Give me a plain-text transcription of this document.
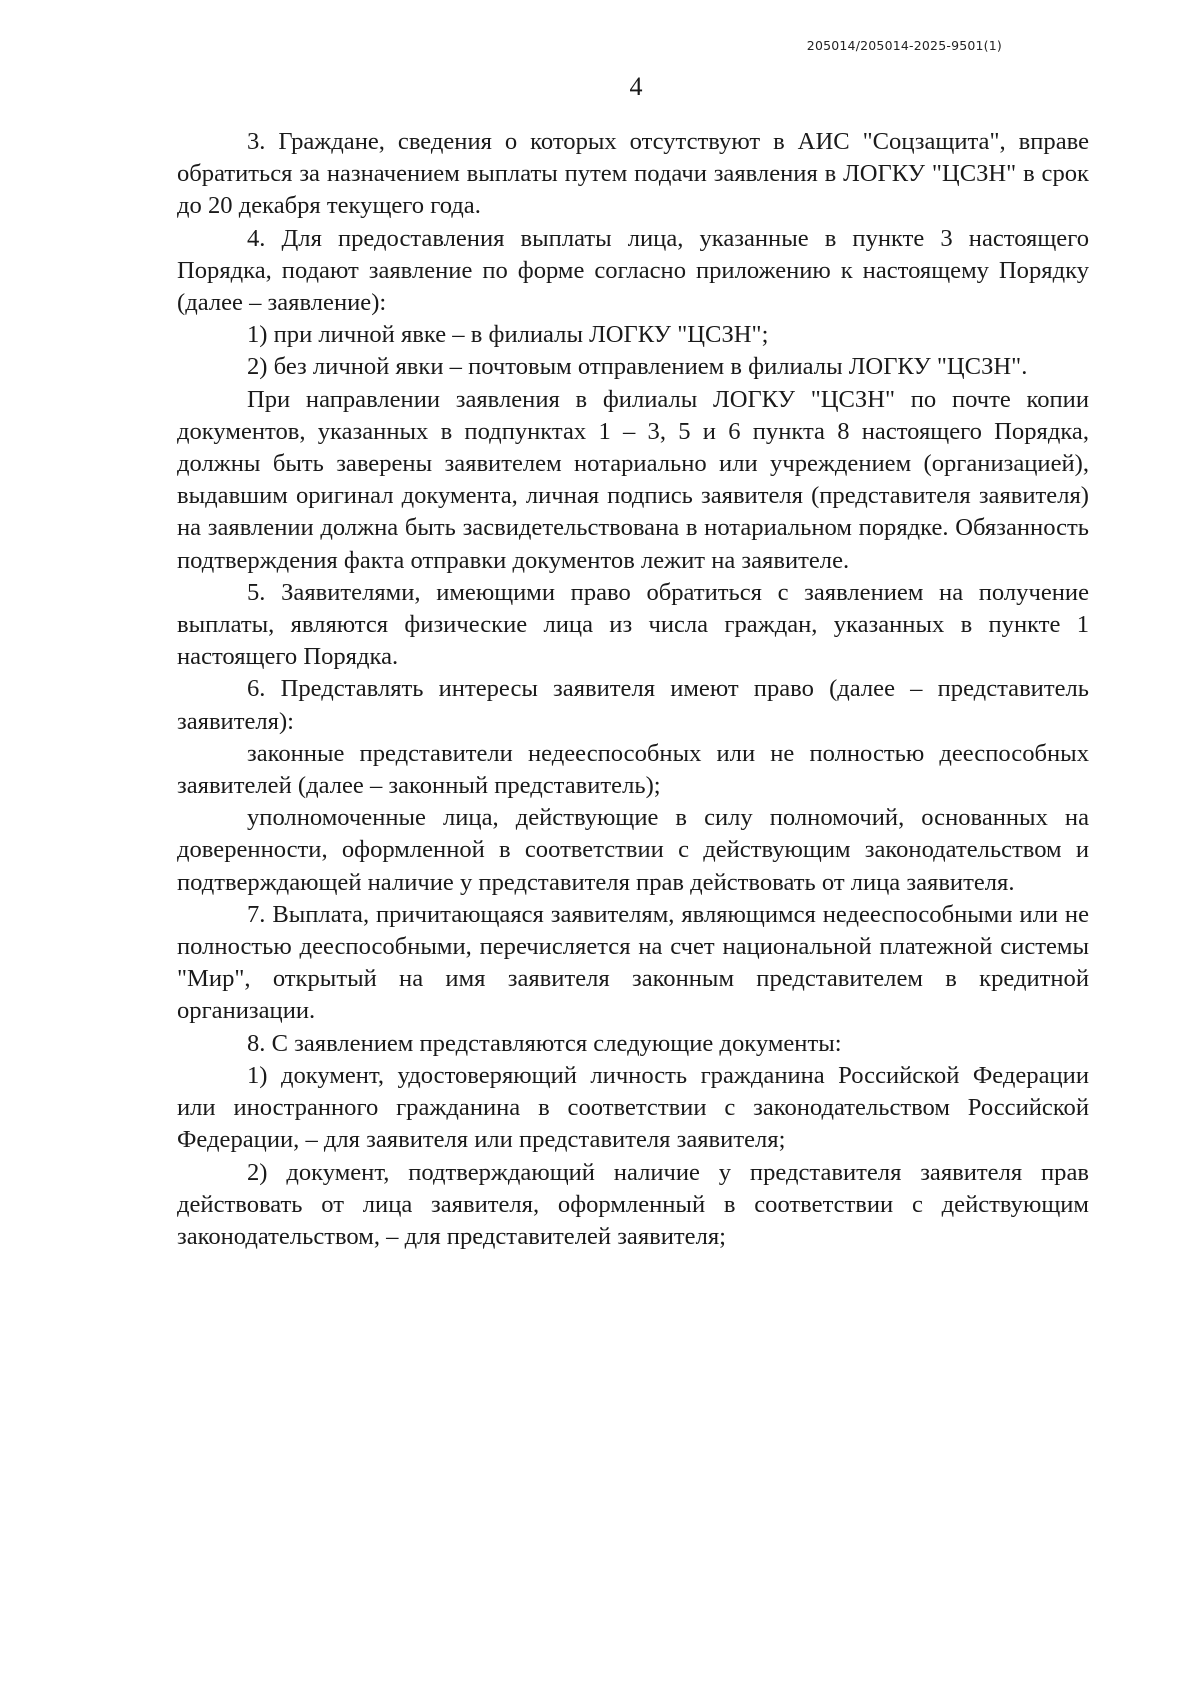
205014/205014-2025-9501(1)
4

3. Граждане, сведения о которых отсутствуют в АИС "Соцзащита", вправе обратиться за назначением выплаты путем подачи заявления в ЛОГКУ "ЦСЗН" в срок до 20 декабря текущего года.

4. Для предоставления выплаты лица, указанные в пункте 3 настоящего Порядка, подают заявление по форме согласно приложению к настоящему Порядку (далее – заявление):

1) при личной явке – в филиалы ЛОГКУ "ЦСЗН";

2) без личной явки – почтовым отправлением в филиалы ЛОГКУ "ЦСЗН".

При направлении заявления в филиалы ЛОГКУ "ЦСЗН" по почте копии документов, указанных в подпунктах 1 – 3, 5 и 6 пункта 8 настоящего Порядка, должны быть заверены заявителем нотариально или учреждением (организацией), выдавшим оригинал документа, личная подпись заявителя (представителя заявителя) на заявлении должна быть засвидетельствована в нотариальном порядке. Обязанность подтверждения факта отправки документов лежит на заявителе.

5. Заявителями, имеющими право обратиться с заявлением на получение выплаты, являются физические лица из числа граждан, указанных в пункте 1 настоящего Порядка.

6. Представлять интересы заявителя имеют право (далее – представитель заявителя):

законные представители недееспособных или не полностью дееспособных заявителей (далее – законный представитель);

уполномоченные лица, действующие в силу полномочий, основанных на доверенности, оформленной в соответствии с действующим законодательством и подтверждающей наличие у представителя прав действовать от лица заявителя.

7. Выплата, причитающаяся заявителям, являющимся недееспособными или не полностью дееспособными, перечисляется на счет национальной платежной системы "Мир", открытый на имя заявителя законным представителем в кредитной организации.

8. С заявлением представляются следующие документы:

1) документ, удостоверяющий личность гражданина Российской Федерации или иностранного гражданина в соответствии с законодательством Российской Федерации, – для заявителя или представителя заявителя;

2) документ, подтверждающий наличие у представителя заявителя прав действовать от лица заявителя, оформленный в соответствии с действующим законодательством, – для представителей заявителя;
